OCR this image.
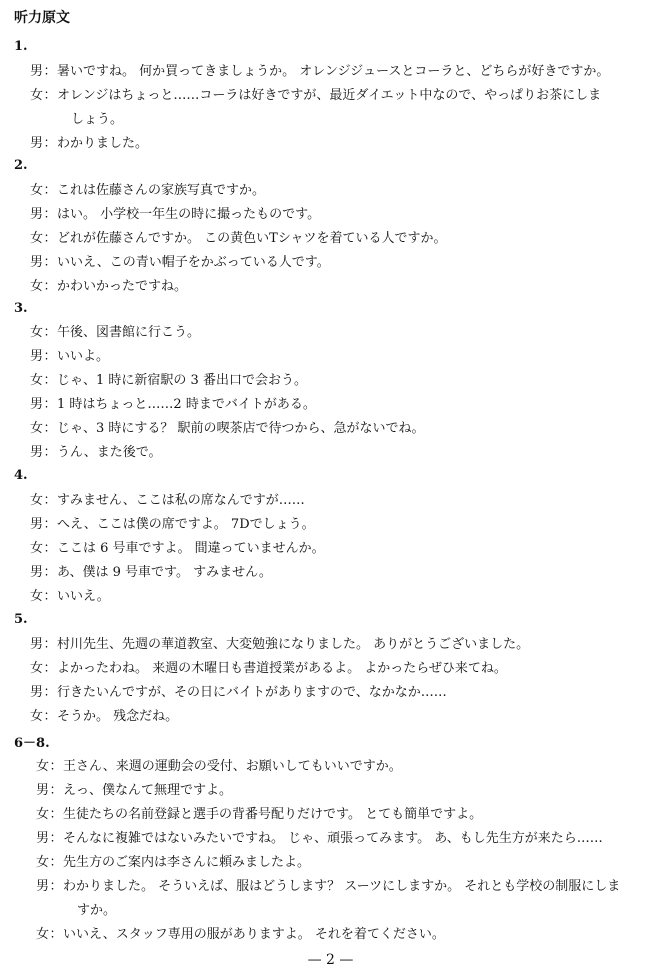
听力原文
1.
男：暑いですね。 何か買ってきましょうか。 オレンジジュースとコーラと、どちらが好きですか。
女：オレンジはちょっと……コーラは好きですが、最近ダイエット中なので、やっぱりお茶にしま
しょう。
男：わかりました。
2.
女：これは佐藤さんの家族写真ですか。
男：はい。 小学校一年生の時に撮ったものです。
女：どれが佐藤さんですか。 この黄色いTシャツを着ている人ですか。
男：いいえ、この青い帽子をかぶっている人です。
女：かわいかったですね。
3.
女：午後、図書館に行こう。
男：いいよ。
女：じゃ、1 時に新宿駅の 3 番出口で会おう。
男：1 時はちょっと……2 時までバイトがある。
女：じゃ、3 時にする？ 駅前の喫茶店で待つから、急がないでね。
男：うん、また後で。
4.
女：すみません、ここは私の席なんですが……
男：へえ、ここは僕の席ですよ。 7Dでしょう。
女：ここは 6 号車ですよ。 間違っていませんか。
男：あ、僕は 9 号車です。 すみません。
女：いいえ。
5.
男：村川先生、先週の華道教室、大変勉強になりました。 ありがとうございました。
女：よかったわね。 来週の木曜日も書道授業があるよ。 よかったらぜひ来てね。
男：行きたいんですが、その日にバイトがありますので、なかなか……
女：そうか。 残念だね。
6－8.
女：王さん、来週の運動会の受付、お願いしてもいいですか。
男：えっ、僕なんて無理ですよ。
女：生徒たちの名前登録と選手の背番号配りだけです。 とても簡単ですよ。
男：そんなに複雑ではないみたいですね。 じゃ、頑張ってみます。 あ、もし先生方が来たら……
女：先生方のご案内は李さんに頼みましたよ。
男：わかりました。 そういえば、服はどうします？ スーツにしますか。 それとも学校の制服にしま
すか。
女：いいえ、スタッフ専用の服がありますよ。 それを着てください。
— 2 —
